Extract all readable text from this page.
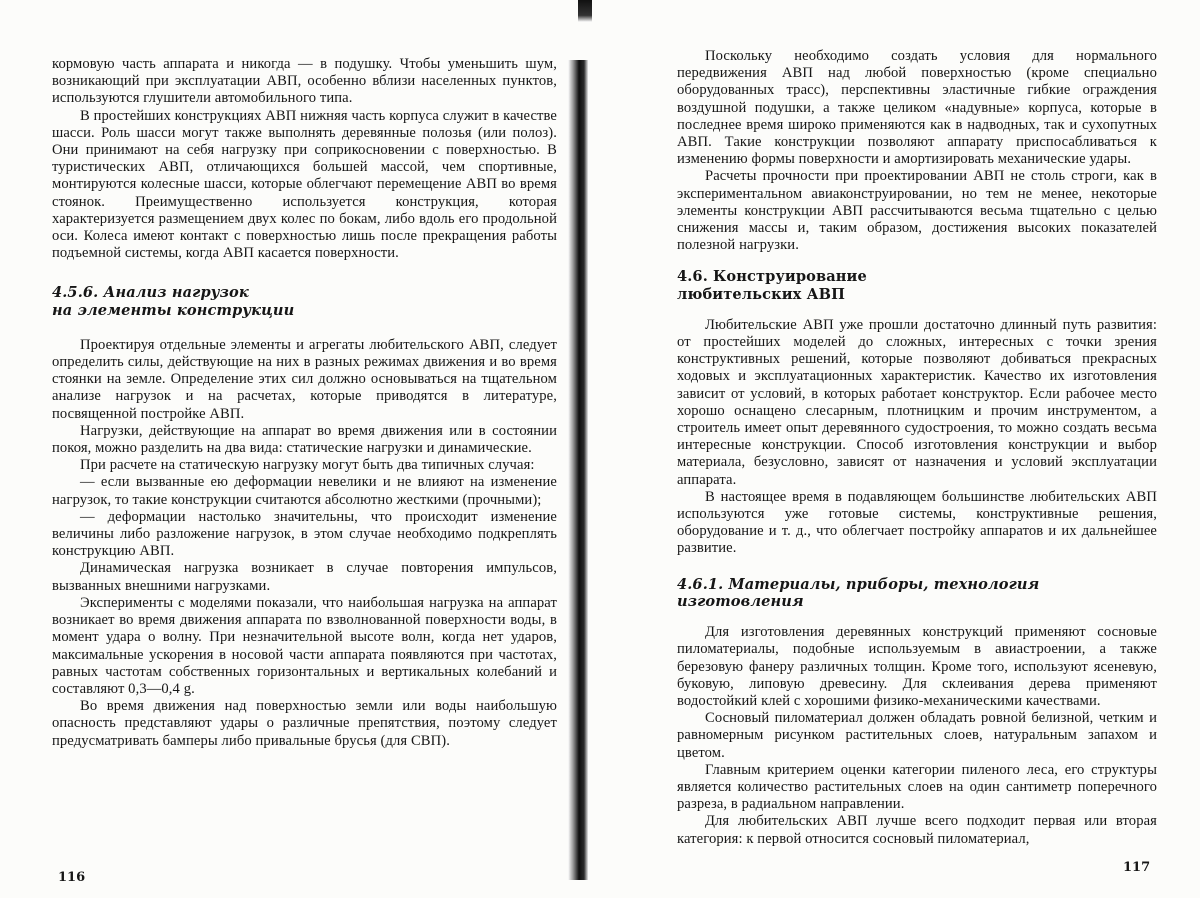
кормовую часть аппарата и никогда — в подушку. Чтобы уменьшить шум, возникающий при эксплуатации АВП, особенно вблизи населенных пунктов, используются глушители автомобильного типа.

В простейших конструкциях АВП нижняя часть корпуса служит в качестве шасси. Роль шасси могут также выполнять деревянные полозья (или полоз). Они принимают на себя нагрузку при соприкосновении с поверхностью. В туристических АВП, отличающихся большей массой, чем спортивные, монтируются колесные шасси, которые облегчают перемещение АВП во время стоянок. Преимущественно используется конструкция, которая характеризуется размещением двух колес по бокам, либо вдоль его продольной оси. Колеса имеют контакт с поверхностью лишь после прекращения работы подъемной системы, когда АВП касается поверхности.

4.5.6. Анализ нагрузок

на элементы конструкции

Проектируя отдельные элементы и агрегаты любительского АВП, следует определить силы, действующие на них в разных режимах движения и во время стоянки на земле. Определение этих сил должно основываться на тщательном анализе нагрузок и на расчетах, которые приводятся в литературе, посвященной постройке АВП.

Нагрузки, действующие на аппарат во время движения или в состоянии покоя, можно разделить на два вида: статические нагрузки и динамические.

При расчете на статическую нагрузку могут быть два типичных случая:

— если вызванные ею деформации невелики и не влияют на изменение нагрузок, то такие конструкции считаются абсолютно жесткими (прочными);

— деформации настолько значительны, что происходит изменение величины либо разложение нагрузок, в этом случае необходимо подкреплять конструкцию АВП.

Динамическая нагрузка возникает в случае повторения импульсов, вызванных внешними нагрузками.

Эксперименты с моделями показали, что наибольшая нагрузка на аппарат возникает во время движения аппарата по взволнованной поверхности воды, в момент удара о волну. При незначительной высоте волн, когда нет ударов, максимальные ускорения в носовой части аппарата появляются при частотах, равных частотам собственных горизонтальных и вертикальных колебаний и составляют 0,3—0,4 g.

Во время движения над поверхностью земли или воды наибольшую опасность представляют удары о различные препятствия, поэтому следует предусматривать бамперы либо привальные брусья (для СВП).

116

Поскольку необходимо создать условия для нормального передвижения АВП над любой поверхностью (кроме специально оборудованных трасс), перспективны эластичные гибкие ограждения воздушной подушки, а также целиком «надувные» корпуса, которые в последнее время широко применяются как в надводных, так и сухопутных АВП. Такие конструкции позволяют аппарату приспосабливаться к изменению формы поверхности и амортизировать механические удары.

Расчеты прочности при проектировании АВП не столь строги, как в экспериментальном авиаконструировании, но тем не менее, некоторые элементы конструкции АВП рассчитываются весьма тщательно с целью снижения массы и, таким образом, достижения высоких показателей полезной нагрузки.

4.6. Конструирование

любительских АВП

Любительские АВП уже прошли достаточно длинный путь развития: от простейших моделей до сложных, интересных с точки зрения конструктивных решений, которые позволяют добиваться прекрасных ходовых и эксплуатационных характеристик. Качество их изготовления зависит от условий, в которых работает конструктор. Если рабочее место хорошо оснащено слесарным, плотницким и прочим инструментом, а строитель имеет опыт деревянного судостроения, то можно создать весьма интересные конструкции. Способ изготовления конструкции и выбор материала, безусловно, зависят от назначения и условий эксплуатации аппарата.

В настоящее время в подавляющем большинстве любительских АВП используются уже готовые системы, конструктивные решения, оборудование и т. д., что облегчает постройку аппаратов и их дальнейшее развитие.

4.6.1. Материалы, приборы, технология

изготовления

Для изготовления деревянных конструкций применяют сосновые пиломатериалы, подобные используемым в авиастроении, а также березовую фанеру различных толщин. Кроме того, используют ясеневую, буковую, липовую древесину. Для склеивания дерева применяют водостойкий клей с хорошими физико-механическими качествами.

Сосновый пиломатериал должен обладать ровной белизной, четким и равномерным рисунком растительных слоев, натуральным запахом и цветом.

Главным критерием оценки категории пиленого леса, его структуры является количество растительных слоев на один сантиметр поперечного разреза, в радиальном направлении.

Для любительских АВП лучше всего подходит первая или вторая категория: к первой относится сосновый пиломатериал,

117
